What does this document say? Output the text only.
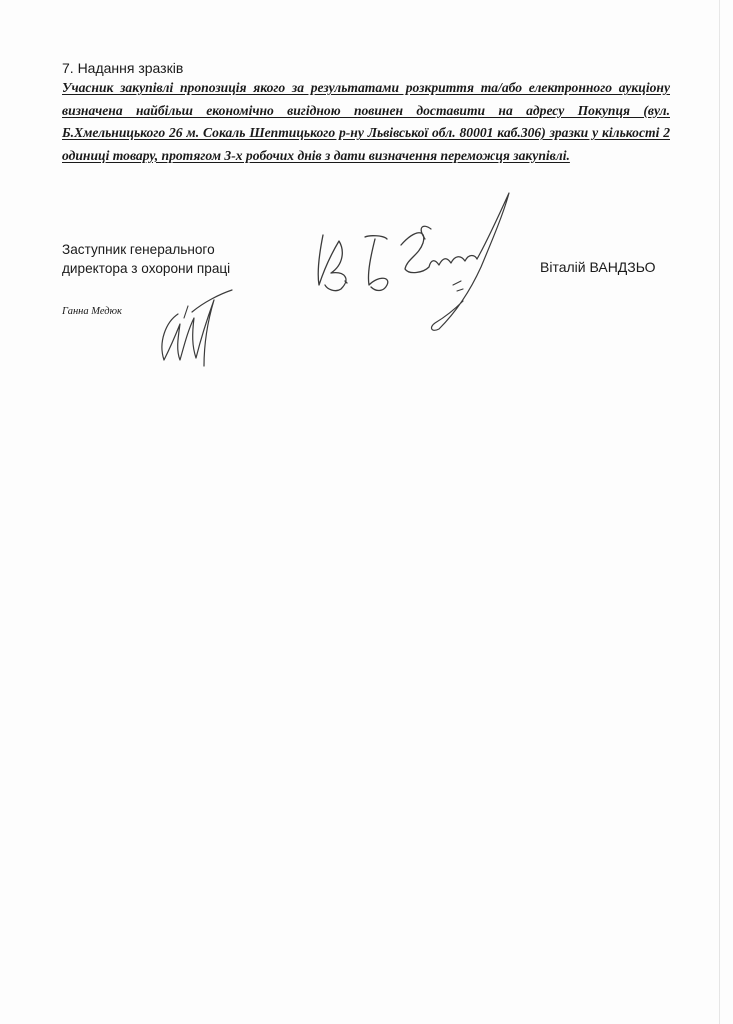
7. Надання зразків

Учасник закупівлі пропозиція якого за результатами розкриття та/або електронного аукціону визначена найбільш економічно вигідною повинен доставити на адресу Покупця (вул. Б.Хмельницького 26 м. Сокаль Шептицького р-ну Львівської обл. 80001 каб.306) зразки у кількості 2 одиниці товару, протягом 3-х робочих днів з дати визначення переможця закупівлі.

Заступник генерального
директора з охорони праці	Віталій ВАНДЗЬО

Ганна Медюк
